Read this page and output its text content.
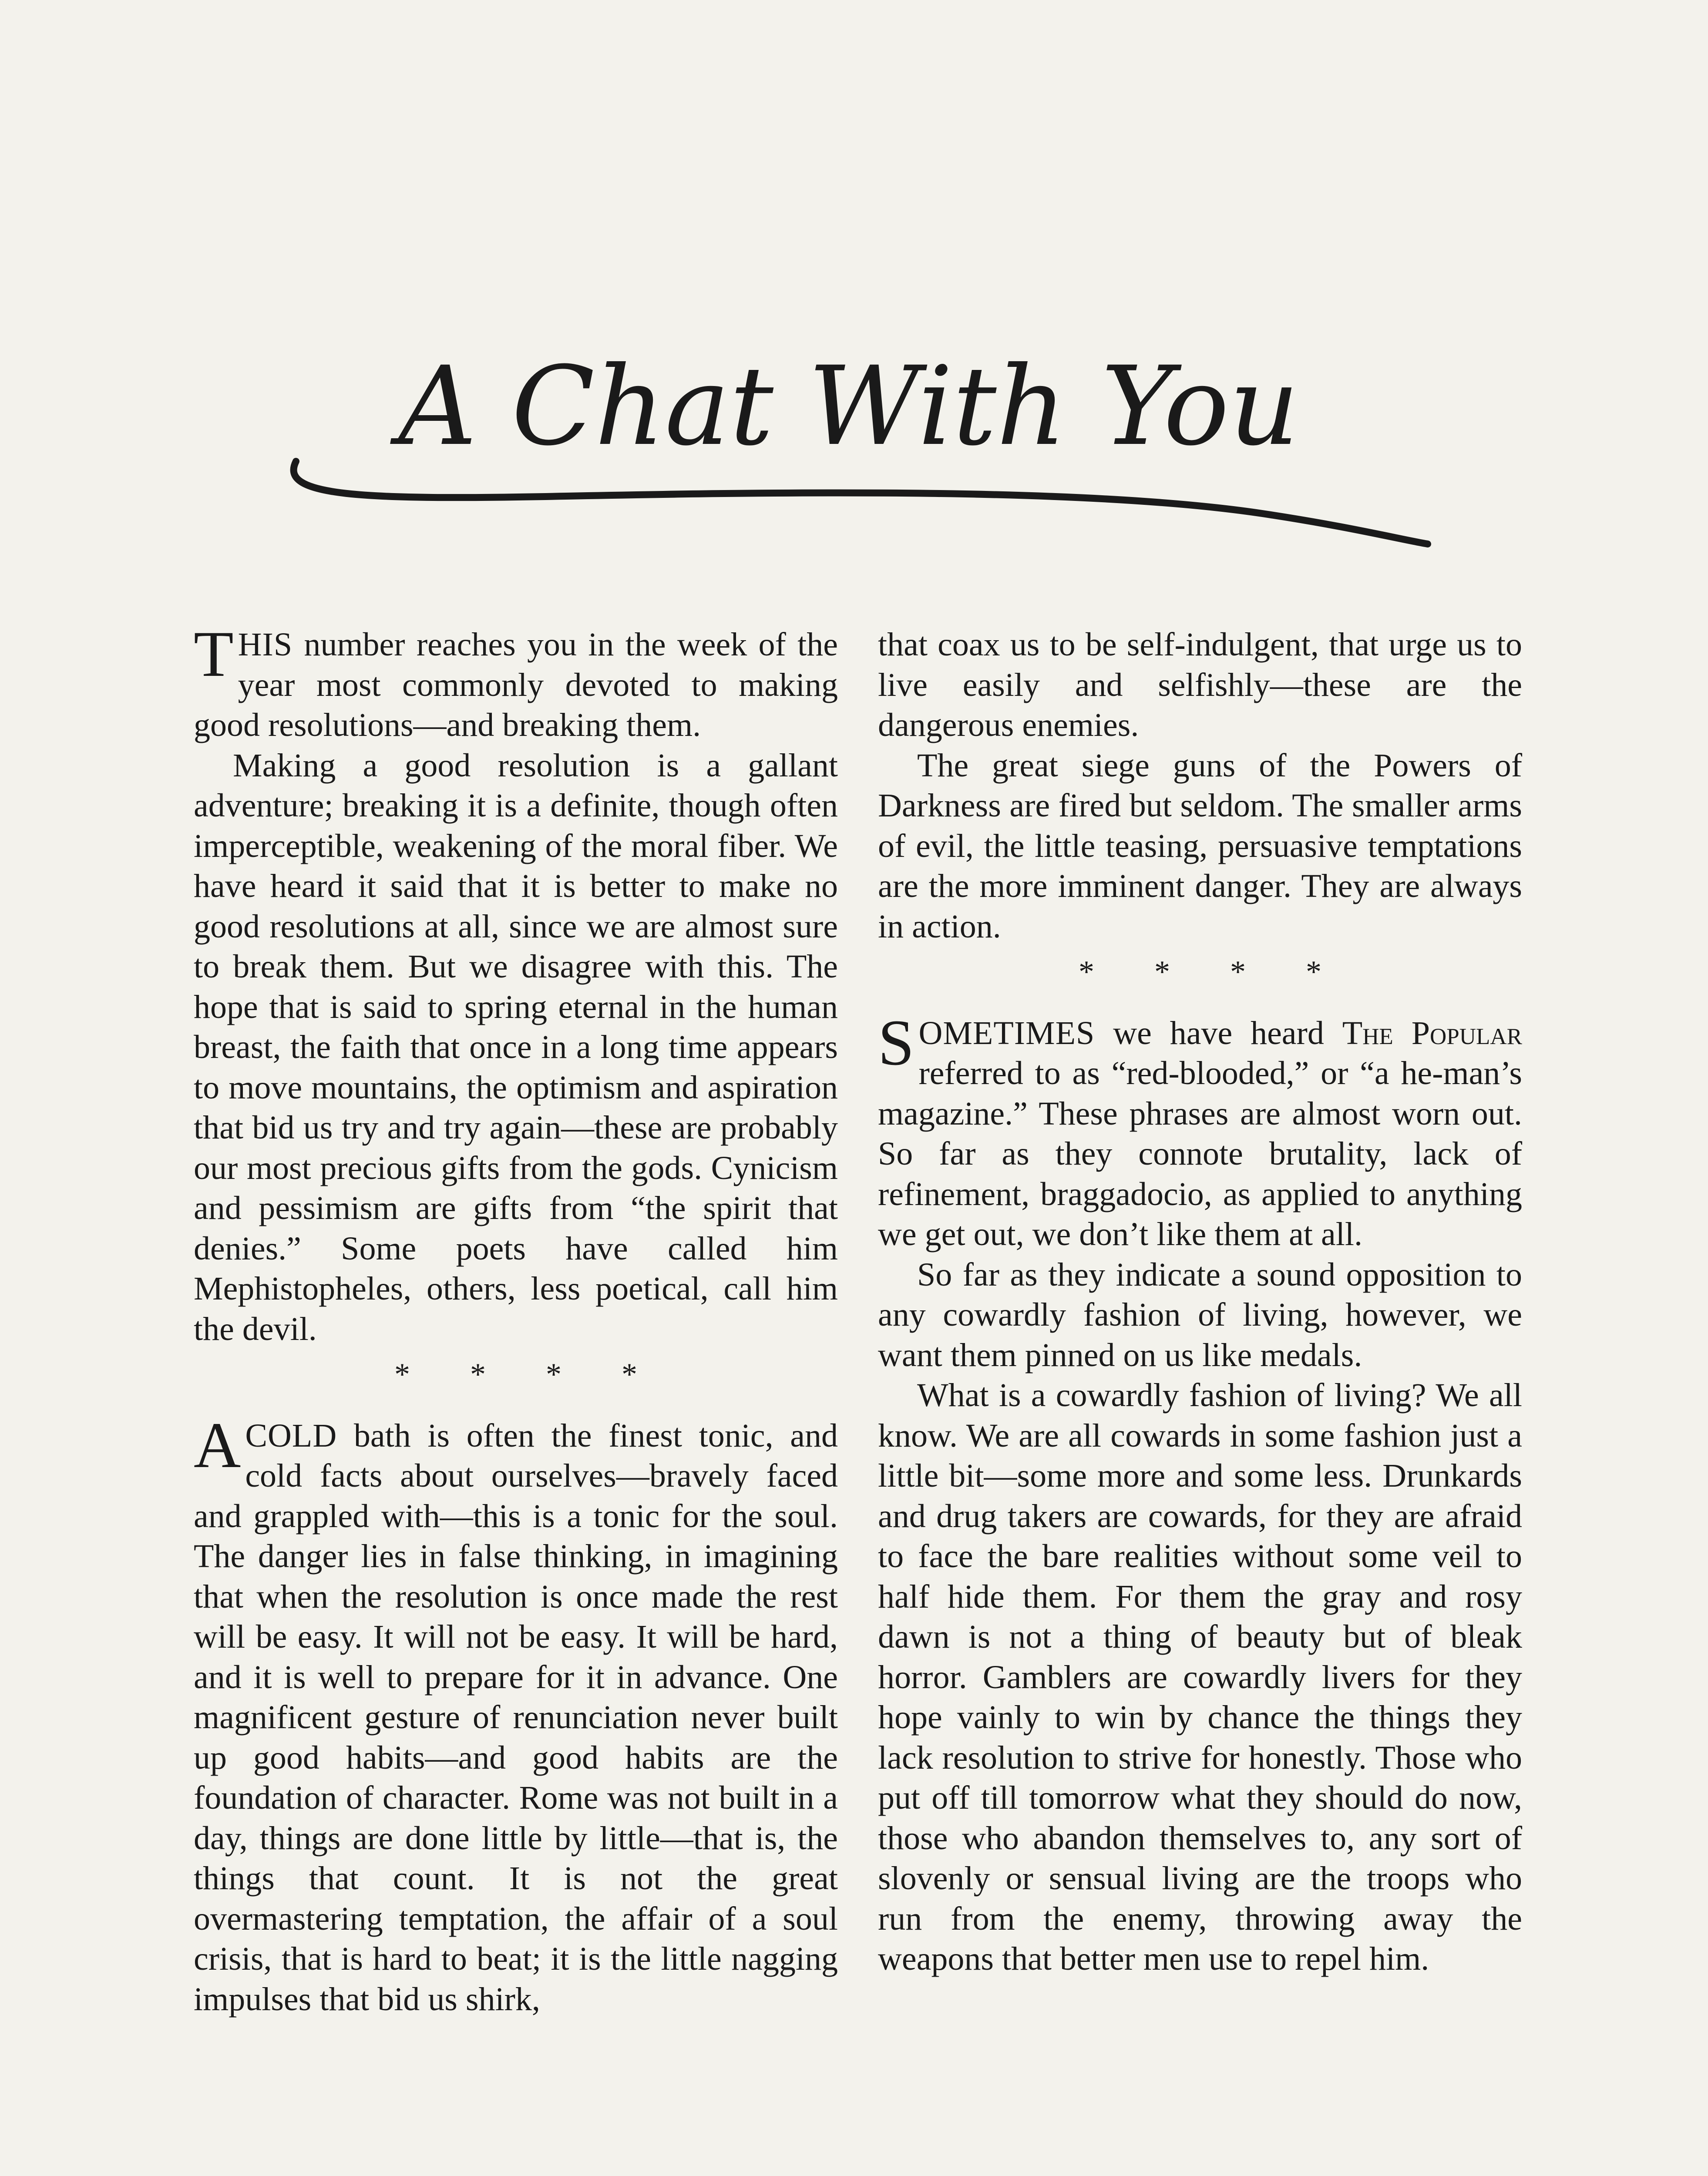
A Chat With You

THIS number reaches you in the week of the year most commonly devoted to making good resolutions—and breaking them.

Making a good resolution is a gallant adventure; breaking it is a definite, though often imperceptible, weakening of the moral fiber. We have heard it said that it is better to make no good resolutions at all, since we are almost sure to break them. But we disagree with this. The hope that is said to spring eternal in the human breast, the faith that once in a long time appears to move mountains, the optimism and aspiration that bid us try and try again—these are probably our most precious gifts from the gods. Cynicism and pessimism are gifts from “the spirit that denies.” Some poets have called him Mephistopheles, others, less poetical, call him the devil.

* * * *

A COLD bath is often the finest tonic, and cold facts about ourselves—bravely faced and grappled with—this is a tonic for the soul. The danger lies in false thinking, in imagining that when the resolution is once made the rest will be easy. It will not be easy. It will be hard, and it is well to prepare for it in advance. One magnificent gesture of renunciation never built up good habits—and good habits are the foundation of character. Rome was not built in a day, things are done little by little—that is, the things that count. It is not the great overmastering temptation, the affair of a soul crisis, that is hard to beat; it is the little nagging impulses that bid us shirk,

that coax us to be self-indulgent, that urge us to live easily and selfishly—these are the dangerous enemies.

The great siege guns of the Powers of Darkness are fired but seldom. The smaller arms of evil, the little teasing, persuasive temptations are the more imminent danger. They are always in action.

* * * *

SOMETIMES we have heard The Popular referred to as “red-blooded,” or “a he-man’s magazine.” These phrases are almost worn out. So far as they connote brutality, lack of refinement, braggadocio, as applied to anything we get out, we don’t like them at all.

So far as they indicate a sound opposition to any cowardly fashion of living, however, we want them pinned on us like medals.

What is a cowardly fashion of living? We all know. We are all cowards in some fashion just a little bit—some more and some less. Drunkards and drug takers are cowards, for they are afraid to face the bare realities without some veil to half hide them. For them the gray and rosy dawn is not a thing of beauty but of bleak horror. Gamblers are cowardly livers for they hope vainly to win by chance the things they lack resolution to strive for honestly. Those who put off till tomorrow what they should do now, those who abandon themselves to, any sort of slovenly or sensual living are the troops who run from the enemy, throwing away the weapons that better men use to repel him.
